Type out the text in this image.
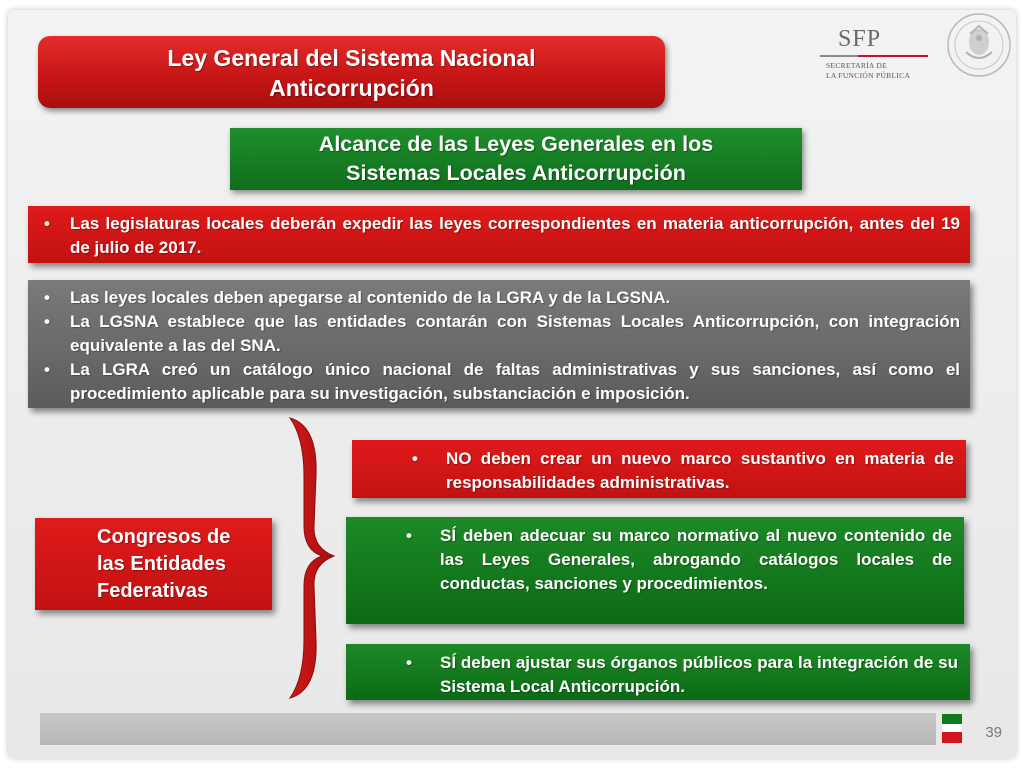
Ley General del Sistema Nacional
Anticorrupción
SFP
SECRETARÍA DE
LA FUNCIÓN PÚBLICA
Alcance de las Leyes Generales en los
Sistemas Locales Anticorrupción
• Las legislaturas locales deberán expedir las leyes correspondientes en materia anticorrupción, antes del 19 de julio de 2017.
• Las leyes locales deben apegarse al contenido de la LGRA y de la LGSNA.
• La LGSNA establece que las entidades contarán con Sistemas Locales Anticorrupción, con integración equivalente a las del SNA.
• La LGRA creó un catálogo único nacional de faltas administrativas y sus sanciones, así como el procedimiento aplicable para su investigación, substanciación e imposición.
Congresos de
las Entidades
Federativas
• NO deben crear un nuevo marco sustantivo en materia de responsabilidades administrativas.
• SÍ deben adecuar su marco normativo al nuevo contenido de las Leyes Generales, abrogando catálogos locales de conductas, sanciones y procedimientos.
• SÍ deben ajustar sus órganos públicos para la integración de su Sistema Local Anticorrupción.
39
